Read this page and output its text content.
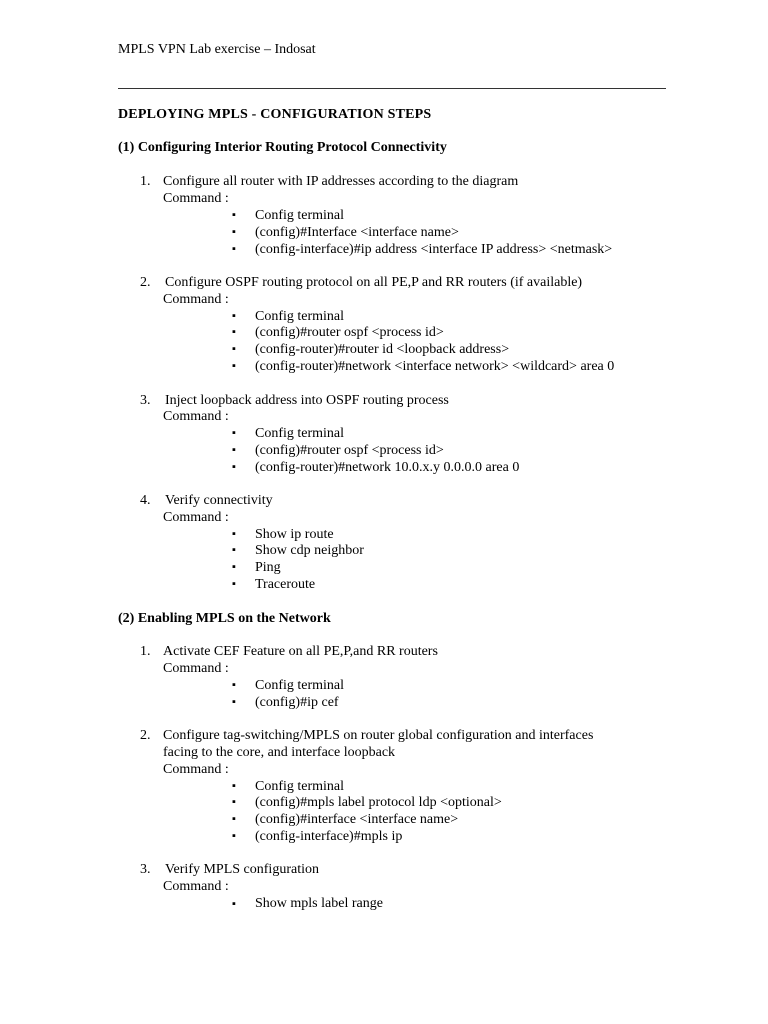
MPLS VPN Lab exercise – Indosat
DEPLOYING MPLS - CONFIGURATION STEPS
(1) Configuring Interior Routing Protocol Connectivity
1. Configure all router with IP addresses according to the diagram
Command :
▪ Config terminal
▪ (config)#Interface <interface name>
▪ (config-interface)#ip address <interface IP address> <netmask>
2. Configure OSPF routing protocol on all PE,P and RR routers (if available)
Command :
▪ Config terminal
▪ (config)#router ospf <process id>
▪ (config-router)#router id <loopback address>
▪ (config-router)#network <interface network> <wildcard> area 0
3. Inject loopback address into OSPF routing process
Command :
▪ Config terminal
▪ (config)#router ospf <process id>
▪ (config-router)#network 10.0.x.y 0.0.0.0 area 0
4. Verify connectivity
Command :
▪ Show ip route
▪ Show cdp neighbor
▪ Ping
▪ Traceroute
(2) Enabling MPLS on the Network
1. Activate CEF Feature on all PE,P,and RR routers
Command :
▪ Config terminal
▪ (config)#ip cef
2. Configure tag-switching/MPLS on router global configuration and interfaces
facing to the core, and interface loopback
Command :
▪ Config terminal
▪ (config)#mpls label protocol ldp <optional>
▪ (config)#interface <interface name>
▪ (config-interface)#mpls ip
3. Verify MPLS configuration
Command :
▪ Show mpls label range
